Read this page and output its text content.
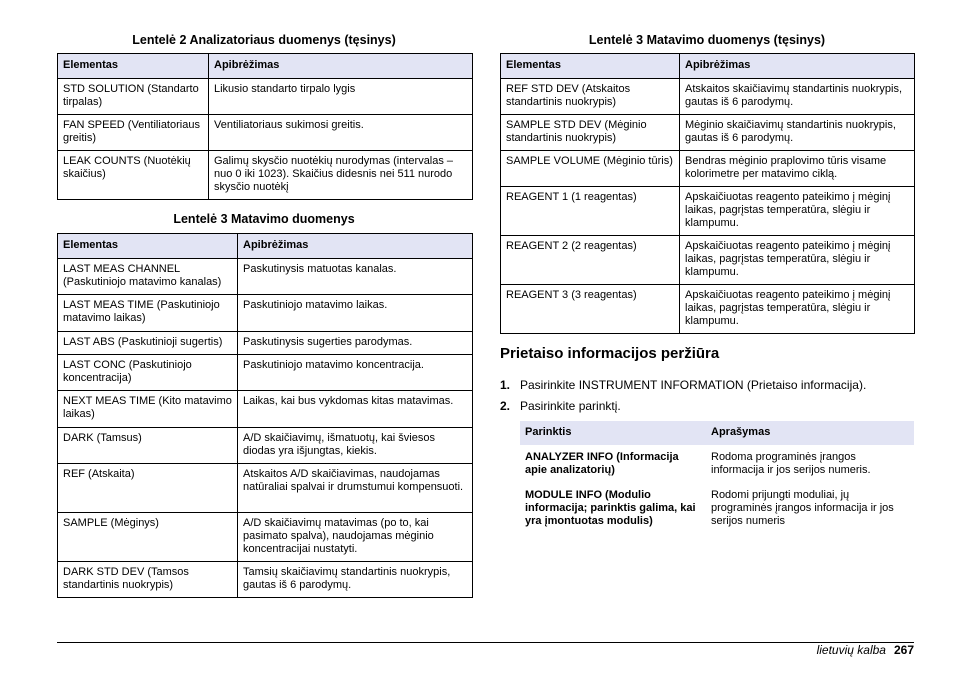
Lentelė 2 Analizatoriaus duomenys (tęsinys)
Elementas	Apibrėžimas
STD SOLUTION (Standarto tirpalas)	Likusio standarto tirpalo lygis
FAN SPEED (Ventiliatoriaus greitis)	Ventiliatoriaus sukimosi greitis.
LEAK COUNTS (Nuotėkių skaičius)	Galimų skysčio nuotėkių nurodymas (intervalas – nuo 0 iki 1023). Skaičius didesnis nei 511 nurodo skysčio nuotėkį
Lentelė 3 Matavimo duomenys
Elementas	Apibrėžimas
LAST MEAS CHANNEL (Paskutiniojo matavimo kanalas)	Paskutinysis matuotas kanalas.
LAST MEAS TIME (Paskutiniojo matavimo laikas)	Paskutiniojo matavimo laikas.
LAST ABS (Paskutinioji sugertis)	Paskutinysis sugerties parodymas.
LAST CONC (Paskutiniojo koncentracija)	Paskutiniojo matavimo koncentracija.
NEXT MEAS TIME (Kito matavimo laikas)	Laikas, kai bus vykdomas kitas matavimas.
DARK (Tamsus)	A/D skaičiavimų, išmatuotų, kai šviesos diodas yra išjungtas, kiekis.
REF (Atskaita)	Atskaitos A/D skaičiavimas, naudojamas natūraliai spalvai ir drumstumui kompensuoti.
SAMPLE (Mėginys)	A/D skaičiavimų matavimas (po to, kai pasimato spalva), naudojamas mėginio koncentracijai nustatyti.
DARK STD DEV (Tamsos standartinis nuokrypis)	Tamsių skaičiavimų standartinis nuokrypis, gautas iš 6 parodymų.
Lentelė 3 Matavimo duomenys (tęsinys)
Elementas	Apibrėžimas
REF STD DEV (Atskaitos standartinis nuokrypis)	Atskaitos skaičiavimų standartinis nuokrypis, gautas iš 6 parodymų.
SAMPLE STD DEV (Mėginio standartinis nuokrypis)	Mėginio skaičiavimų standartinis nuokrypis, gautas iš 6 parodymų.
SAMPLE VOLUME (Mėginio tūris)	Bendras mėginio praplovimo tūris visame kolorimetre per matavimo ciklą.
REAGENT 1 (1 reagentas)	Apskaičiuotas reagento pateikimo į mėginį laikas, pagrįstas temperatūra, slėgiu ir klampumu.
REAGENT 2 (2 reagentas)	Apskaičiuotas reagento pateikimo į mėginį laikas, pagrįstas temperatūra, slėgiu ir klampumu.
REAGENT 3 (3 reagentas)	Apskaičiuotas reagento pateikimo į mėginį laikas, pagrįstas temperatūra, slėgiu ir klampumu.
Prietaiso informacijos peržiūra
1. Pasirinkite INSTRUMENT INFORMATION (Prietaiso informacija).
2. Pasirinkite parinktį.
Parinktis	Aprašymas
ANALYZER INFO (Informacija apie analizatorių)	Rodoma programinės įrangos informacija ir jos serijos numeris.
MODULE INFO (Modulio informacija; parinktis galima, kai yra įmontuotas modulis)	Rodomi prijungti moduliai, jų programinės įrangos informacija ir jos serijos numeris
lietuvių kalba 267
